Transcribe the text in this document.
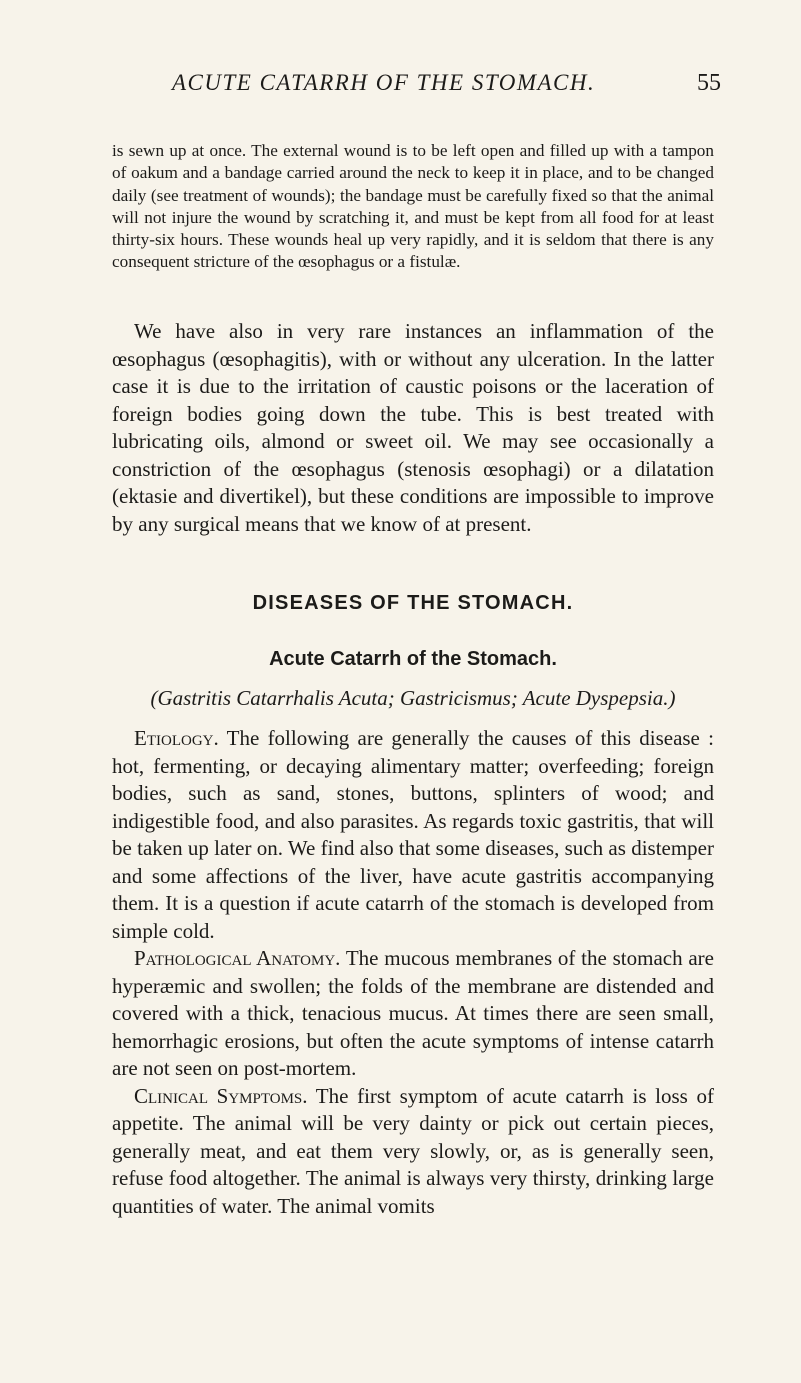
ACUTE CATARRH OF THE STOMACH.	55

is sewn up at once. The external wound is to be left open and filled up with a tampon of oakum and a bandage carried around the neck to keep it in place, and to be changed daily (see treatment of wounds); the bandage must be carefully fixed so that the animal will not injure the wound by scratching it, and must be kept from all food for at least thirty-six hours. These wounds heal up very rapidly, and it is seldom that there is any consequent stricture of the œsophagus or a fistulæ.

We have also in very rare instances an inflammation of the œsophagus (œsophagitis), with or without any ulceration. In the latter case it is due to the irritation of caustic poisons or the laceration of foreign bodies going down the tube. This is best treated with lubricating oils, almond or sweet oil. We may see occasionally a constriction of the œsophagus (stenosis œsophagi) or a dilatation (ektasie and divertikel), but these conditions are impossible to improve by any surgical means that we know of at present.

DISEASES OF THE STOMACH.
Acute Catarrh of the Stomach.
(Gastritis Catarrhalis Acuta; Gastricismus; Acute Dyspepsia.)

Etiology. The following are generally the causes of this disease : hot, fermenting, or decaying alimentary matter; overfeeding; foreign bodies, such as sand, stones, buttons, splinters of wood; and indigestible food, and also parasites. As regards toxic gastritis, that will be taken up later on. We find also that some diseases, such as distemper and some affections of the liver, have acute gastritis accompanying them. It is a question if acute catarrh of the stomach is developed from simple cold.
Pathological Anatomy. The mucous membranes of the stomach are hyperæmic and swollen; the folds of the membrane are distended and covered with a thick, tenacious mucus. At times there are seen small, hemorrhagic erosions, but often the acute symptoms of intense catarrh are not seen on post-mortem.
Clinical Symptoms. The first symptom of acute catarrh is loss of appetite. The animal will be very dainty or pick out certain pieces, generally meat, and eat them very slowly, or, as is generally seen, refuse food altogether. The animal is always very thirsty, drinking large quantities of water. The animal vomits
